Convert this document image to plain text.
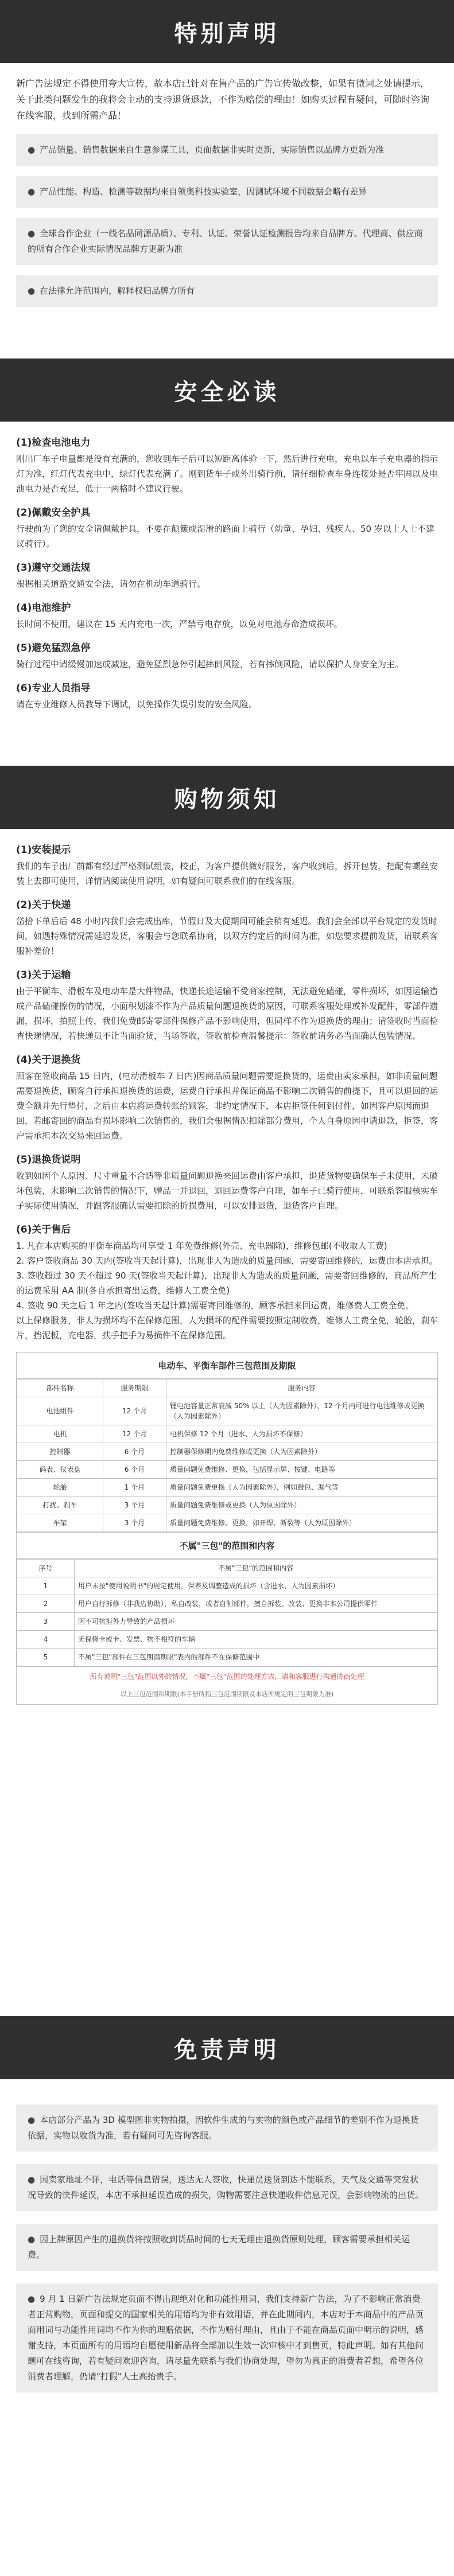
特别声明
新广告法规定不得使用夸大宣传，故本店已针对在售产品的广告宣传做改整，如果有微词之处请提示，关于此类问题发生的我将会主动的支持退货退款，不作为赔偿的理由！如购买过程有疑问，可随时咨询在线客服，找到所需产品！
● 产品销量、销售数据来自生意参谋工具，页面数据非实时更新，实际销售以品牌方更新为准
● 产品性能、构造、检测等数据均来自领奥科技实验室，因测试环境不同数据会略有差异
● 全球合作企业（一线名品同源品质）、专利、认证、荣誉认证检测报告均来自品牌方、代理商、供应商的所有合作企业实际情况品牌方更新为准
● 在法律允许范围内，解释权归品牌方所有
安全必读
(1)检查电池电力
刚出厂车子电量都是没有充满的，您收到车子后可以短距离体验一下，然后进行充电，充电以车子充电器的指示灯为准，红灯代表充电中，绿灯代表充满了。刚到货车子或外出骑行前，请仔细检查车身连接处是否牢固以及电池电力是否充足，低于一两格时不建议行驶。
(2)佩戴安全护具
行驶前为了您的安全请佩戴护具，不要在颠簸或湿滑的路面上骑行（幼童、孕妇、残疾人、50 岁以上人士不建议骑行）。
(3)遵守交通法规
根据相关道路交通安全法，请勿在机动车道骑行。
(4)电池维护
长时间不使用，建议在 15 天内充电一次，严禁亏电存放，以免对电池寿命造成损坏。
(5)避免猛烈急停
骑行过程中请缓慢加速或减速，避免猛烈急停引起摔倒风险，若有摔倒风险，请以保护人身安全为主。
(6)专业人员指导
请在专业维修人员教导下调试，以免操作失误引发的安全风险。
购物须知
(1)安装提示
我们的车子出厂前都有经过严格测试组装，校正，为客户提供微好服务，客户收到后，拆开包装，把配有螺丝安装上去即可使用，详情请阅读使用说明，如有疑问可联系我们的在线客服。
(2)关于快递
岱拾下单后后 48 小时内我们会完成出库，节假日及大促期间可能会稍有延迟。我们会全部以平台规定的发货时间，如遇特殊情况需延迟发货，客服会与您联系协商，以双方约定后的时间为准，如您要求提前发货，请联系客服补差价！
(3)关于运输
由于平衡车、滑板车及电动车是大件物品，快递长途运输不受商家控制，无法避免磕碰，零件损坏，如因运输造成产品磕碰擦伤的情况，小面积划漆不作为产品质量问题退换货的原因，可联系客服处理或补发配件，零部件遗漏，损坏，拍照上传，我们免费邮寄零部件保修产品不影响使用，但同样不作为退换货的理由；请签收时当面检查快递情况，若快递员不让当面验货，当场签收，签收前检查温馨提示：签收前请务必当面确认包装情况。
(4)关于退换货
顾客在签收商品 15 日内，(电动滑板车 7 日内)因商品质量问题需要退换货的，运费由卖家承担，如非质量问题需要退换货，顾客自行承担退换货的运费，运费自行承担并保证商品不影响二次销售的前提下，且可以退回的运费全额并先行垫付，之后由本店将运费转账给顾客，非约定情况下，本店拒签任何到付件，如因客户原因而退回，若邮寄回的商品有损坏影响二次销售的，我们会根据情况扣除部分费用，个人自身原因申请退款，拒签，客户需承担本次交易来回运费。
(5)退换货说明
收到如因个人原因、尺寸重量不合适等非质量问题退换来回运费由客户承担，退货货物要确保车子未使用，未破坏包装，未影响二次销售的情况下，赠品一并退回，退回运费客户自理，如车子已骑行使用，可联系客服核实车子实际使用情况，并跟客服确认需要扣除的折损费用，可以安排退货，退货客户自理。
(6)关于售后
1. 凡在本店购买的平衡车商品均可享受 1 年免费维修(外壳、充电器除)，维修包邮(不收取人工费)
2. 客户签收商品 30 天内(签收当天起计算)，出现非人为造成的质量问题，需要寄回维修的，运费由本店承担。
3. 签收超过 30 天不超过 90 天(签收当天起计算)，出现非人为造成的质量问题，需要寄回维修的，商品所产生的运费采用 AA 制(各自承担寄出运费，维修人工费全免)
4. 签收 90 天之后 1 年之内(签收当天起计算)需要寄回维修的，顾客承担来回运费，维修费人工费全免。
以上保修服务，非人为损坏均不在保修范围，人为损坏的配件需要按照定制收费，维修人工费全免，轮胎，刹车片，挡泥板，充电器，扶手把手为易损件不在保修范围。
电动车、平衡车部件三包范围及期限
部件名称	服务期限	服务内容
电池组件	12 个月	锂电池容量正常衰减 50% 以上（人为因素除外），12 个月内可进行电池维修或更换（人为因素除外）
电机	12 个月	电机保修 12 个月（进水、人为损坏不保修）
控制器	6 个月	控制器保修期内免费维修或更换（人为因素除外）
码表、仪表盘	6 个月	质量问题免费维修、更换，包括显示屏、按键、电路等
轮胎	1 个月	质量问题免费更换（人为因素除外），例如鼓包、漏气等
打扰、刹车	3 个月	质量问题免费维修或更换（人为原因除外）
车架	3 个月	质量问题免费维修、更换，如开焊、断裂等（人为原因除外）
不属"三包"的范围和内容
序号	不属"三包"的范围和内容
1	用户未按"使用说明书"的规定使用，保养及调整造成的损坏（含进水、人为因素损坏）
2	用户自行拆修（非我店协助），私自改装，或者自制部件，擅自拆装、改装、更换非本公司提供零件
3	因不可抗拒外力导致的产品损坏
4	无保修卡或卡、发票、物不相符的车辆
5	不属"三包"部件在三包期满期限"表内的部件不在保修范围中
所有说明"三包"范围以外的情况，不属"三包"范围的处理方式，请和客服进行沟通协商处理
以上三包范围和期限(本手册所指三包范围期限及本店所规定的三包期限为准)
免责声明
● 本店部分产品为 3D 模型图非实物拍摄，因软件生成的与实物的颜色或产品细节的差别不作为退换货依据，实物以收货为准，若有疑问可先咨询客服。
● 因卖家地址不详，电话等信息错误，送达无人签收，快递员送货到达不能联系，天气及交通等突发状况导致的快件延误，本店不承担延误造成的损失，购物需要注意快递收件信息无误，会影响物流的出货。
● 因上牌原因产生的退换货将按照收到货品时间的七天无理由退换货原则处理，顾客需要承担相关运费。
● 9 月 1 日新广告法规定页面不得出现绝对化和功能性用词，我们支持新广告法，为了不影响正常消费者正常购物，页面和提交的国家相关的用语均为非有效用语，并在此期间内，本店对于本商品中的产品页面用词与功能性用词均不作为你的理赔依据，不作为赔付理由，且由于不能在商品页面中明示的说明，感谢支持，本页面所有的用语均自愿使用新品将全部加以生效一次审核中才到售页，特此声明。如有其他问题可在线咨询，若有疑问欢迎咨询，请尽量先联系与我们协商处理，望勿为真正的消费者着想，希望各位消费者理解，仍请"打假"人士高抬贵手。
